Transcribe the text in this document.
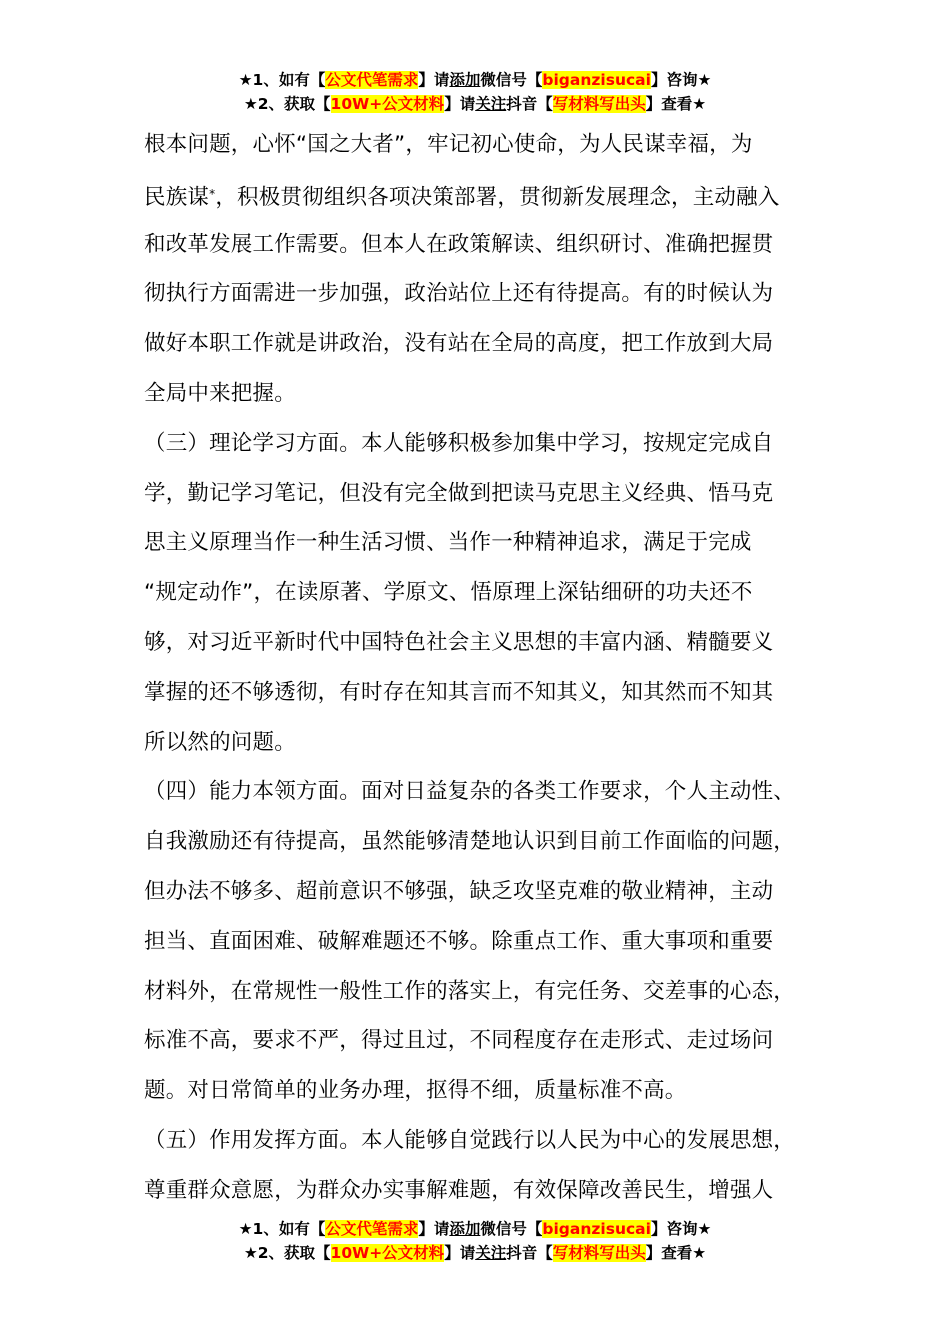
★1、如有【公文代笔需求】请添加微信号【biganzisucai】咨询★
★2、获取【10W+公文材料】请关注抖音【写材料写出头】查看★
根本问题，心怀“国之大者”，牢记初心使命，为人民谋幸福，为
民族谋*，积极贯彻组织各项决策部署，贯彻新发展理念，主动融入
和改革发展工作需要。但本人在政策解读、组织研讨、准确把握贯
彻执行方面需进一步加强，政治站位上还有待提高。有的时候认为
做好本职工作就是讲政治，没有站在全局的高度，把工作放到大局
全局中来把握。
（三）理论学习方面。本人能够积极参加集中学习，按规定完成自
学，勤记学习笔记，但没有完全做到把读马克思主义经典、悟马克
思主义原理当作一种生活习惯、当作一种精神追求，满足于完成
“规定动作”，在读原著、学原文、悟原理上深钻细研的功夫还不
够，对习近平新时代中国特色社会主义思想的丰富内涵、精髓要义
掌握的还不够透彻，有时存在知其言而不知其义，知其然而不知其
所以然的问题。
（四）能力本领方面。面对日益复杂的各类工作要求，个人主动性、
自我激励还有待提高，虽然能够清楚地认识到目前工作面临的问题，
但办法不够多、超前意识不够强，缺乏攻坚克难的敬业精神，主动
担当、直面困难、破解难题还不够。除重点工作、重大事项和重要
材料外，在常规性一般性工作的落实上，有完任务、交差事的心态，
标准不高，要求不严，得过且过，不同程度存在走形式、走过场问
题。对日常简单的业务办理，抠得不细，质量标准不高。
（五）作用发挥方面。本人能够自觉践行以人民为中心的发展思想，
尊重群众意愿，为群众办实事解难题，有效保障改善民生，增强人
★1、如有【公文代笔需求】请添加微信号【biganzisucai】咨询★
★2、获取【10W+公文材料】请关注抖音【写材料写出头】查看★
